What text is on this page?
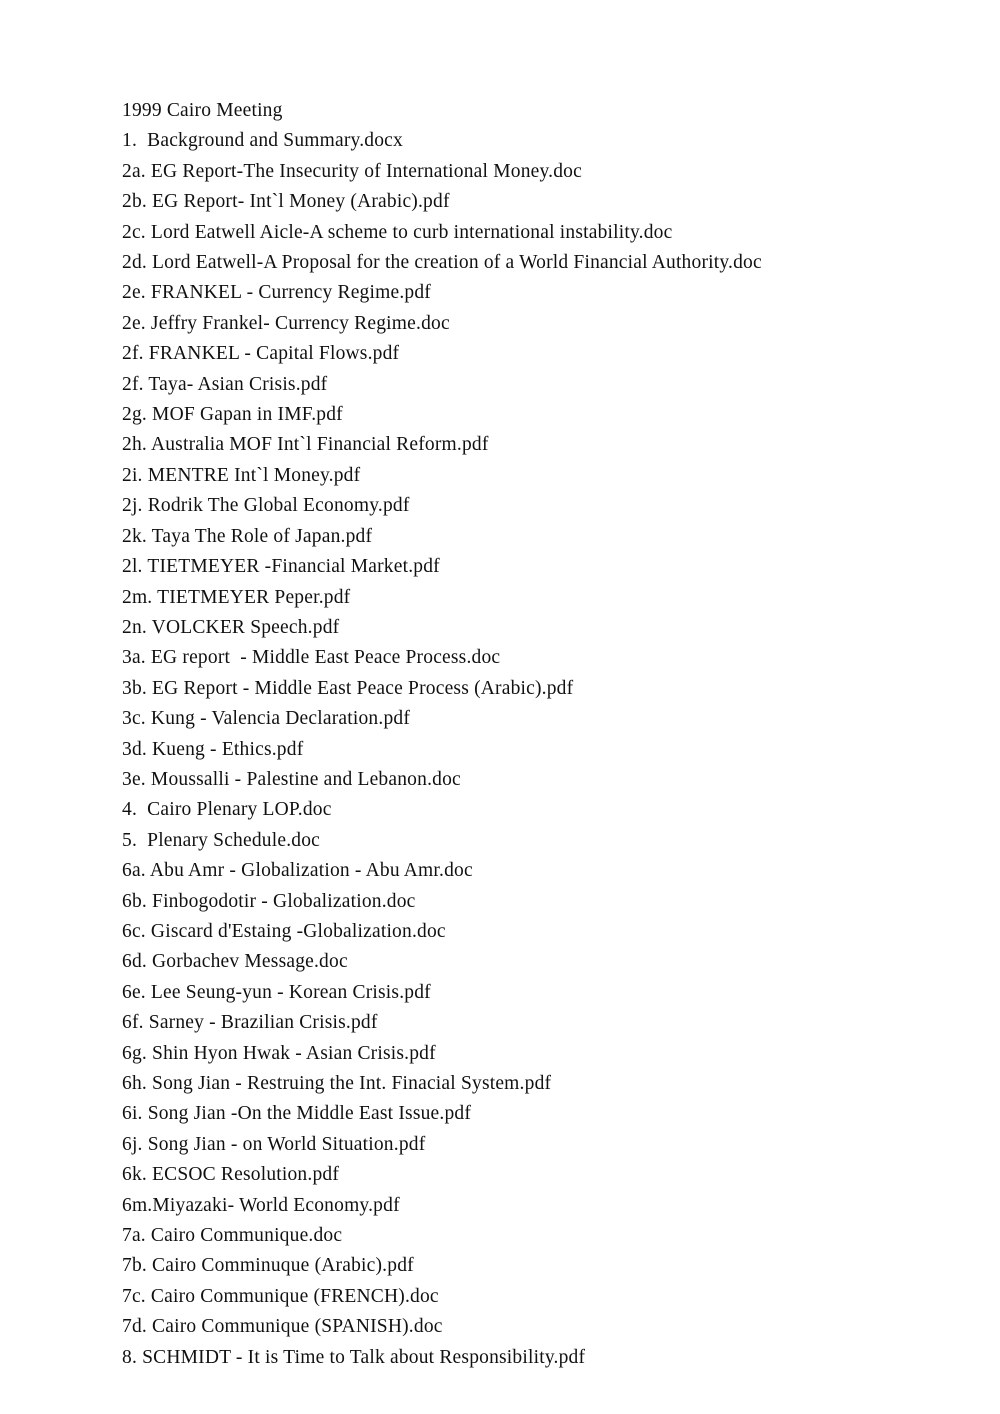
1999 Cairo Meeting
1.  Background and Summary.docx
2a. EG Report-The Insecurity of International Money.doc
2b. EG Report- Int`l Money (Arabic).pdf
2c. Lord Eatwell Aicle-A scheme to curb international instability.doc
2d. Lord Eatwell-A Proposal for the creation of a World Financial Authority.doc
2e. FRANKEL - Currency Regime.pdf
2e. Jeffry Frankel- Currency Regime.doc
2f. FRANKEL - Capital Flows.pdf
2f. Taya- Asian Crisis.pdf
2g. MOF Gapan in IMF.pdf
2h. Australia MOF Int`l Financial Reform.pdf
2i. MENTRE Int`l Money.pdf
2j. Rodrik The Global Economy.pdf
2k. Taya The Role of Japan.pdf
2l. TIETMEYER -Financial Market.pdf
2m. TIETMEYER Peper.pdf
2n. VOLCKER Speech.pdf
3a. EG report  - Middle East Peace Process.doc
3b. EG Report - Middle East Peace Process (Arabic).pdf
3c. Kung - Valencia Declaration.pdf
3d. Kueng - Ethics.pdf
3e. Moussalli - Palestine and Lebanon.doc
4.  Cairo Plenary LOP.doc
5.  Plenary Schedule.doc
6a. Abu Amr - Globalization - Abu Amr.doc
6b. Finbogodotir - Globalization.doc
6c. Giscard d'Estaing -Globalization.doc
6d. Gorbachev Message.doc
6e. Lee Seung-yun - Korean Crisis.pdf
6f. Sarney - Brazilian Crisis.pdf
6g. Shin Hyon Hwak - Asian Crisis.pdf
6h. Song Jian - Restruing the Int. Finacial System.pdf
6i. Song Jian -On the Middle East Issue.pdf
6j. Song Jian - on World Situation.pdf
6k. ECSOC Resolution.pdf
6m.Miyazaki- World Economy.pdf
7a. Cairo Communique.doc
7b. Cairo Comminuque (Arabic).pdf
7c. Cairo Communique (FRENCH).doc
7d. Cairo Communique (SPANISH).doc
8. SCHMIDT - It is Time to Talk about Responsibility.pdf
